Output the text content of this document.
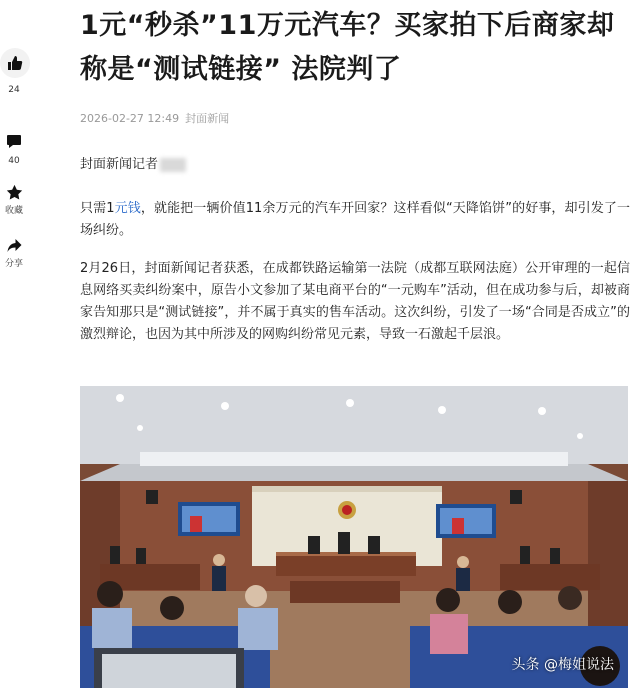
24
40
收藏
分享
1元“秒杀”11万元汽车？买家拍下后商家却称是“测试链接” 法院判了
2026-02-27 12:49 封面新闻
封面新闻记者

只需1元钱，就能把一辆价值11余万元的汽车开回家？这样看似“天降馅饼”的好事，却引发了一场纠纷。

2月26日，封面新闻记者获悉，在成都铁路运输第一法院（成都互联网法庭）公开审理的一起信息网络买卖纠纷案中，原告小文参加了某电商平台的“一元购车”活动，但在成功参与后，却被商家告知那只是“测试链接”，并不属于真实的售车活动。这次纠纷，引发了一场“合同是否成立”的激烈辩论，也因为其中所涉及的网购纠纷常见元素，导致一石激起千层浪。

头条 @梅姐说法
